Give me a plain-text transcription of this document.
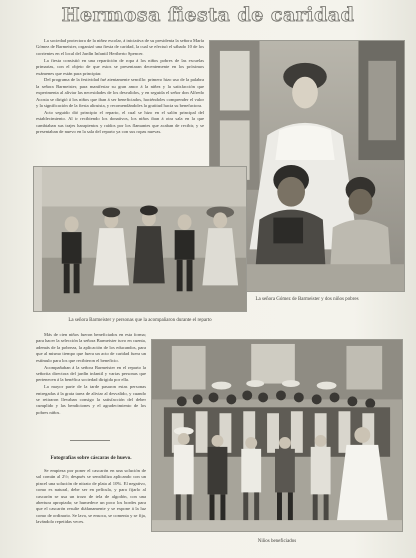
Hermosa fiesta de caridad

La sociedad protectora de la niñez escolar, á iniciativa de su presidenta la señora María Gómez de Barmeister, organizó una fiesta de caridad, la cual se efectuó el sábado 10 de los corrientes en el local del Jardín Infantil Heriberto Spencer.

La fiesta consistió en una repartición de ropa á los niños pobres de las escuelas primarias, con el objeto de que estos se presentaran decentemente en los próximos exámenes que están para principiar.

Del programa de la festividad fué atentamente sencillo: primero hizo uso de la palabra la señora Barmeister, para manifestar su gran amor á la niñez y la satisfacción que experimenta al aliviar las necesidades de los desvalidos, y en seguida el señor don Alfredo Acosta se dirigió á los niños que iban á ser beneficiados, haciéndoles comprender el valor y la significación de la fiesta altruista, y recomendándoles la gratitud hacia su benefactora.

Acto seguido dió principio el reparto, el cual se hizo en el salón principal del establecimiento. Al ir recibiendo los donativos, los niños iban á otra sala en la que cambiaban sus trajes harapientos y raídos por los flamantes que acaban de recibir, y se presentaban de nuevo en la sala del reparto ya con sus ropas nuevas.

La señora Barmeister y personas que la acompañaron durante el reparto
La señora Gómez de Barmeister y dos niños pobres

Más de cien niños fueron beneficiados en esta forma; para hacer la selección la señora Barmeister tuvo en cuenta, además de la pobreza, la aplicación de los educandos, para que al mismo tiempo que fuera un acto de caridad fuera un estímulo para los que recibieron el beneficio.

Acompañaban á la señora Barmeister en el reparto la señorita directora del jardín infantil y varias personas que pertenecen á la benéfica sociedad dirigida por ella.

La mayor parte de la tarde pasaron estas personas entregadas á la grata tarea de aliviar al desvalido, y cuando se retiraron llevaban consigo la satisfacción del deber cumplido y las bendiciones y el agradecimiento de los pobres niños.

Fotografías sobre cáscaras de huevo.

Se empieza por poner el cascarón en una solución de sal común al 2½; después se sensibiliza aplicando con un pincel una solución de nitrato de plata al 10%. El negativo, como es natural, debe ser en película, y para fijarlo al cascarón se usa un trozo de tela de algodón, con una abertura apropiada; se humedece un poco los bordes para que el cascarón resulte diáfanamente y se expone á la luz como de ordinario. Se lava, se ensoca, se comenta y se fija, lavándolo repetidas veces.

Niños beneficiados
